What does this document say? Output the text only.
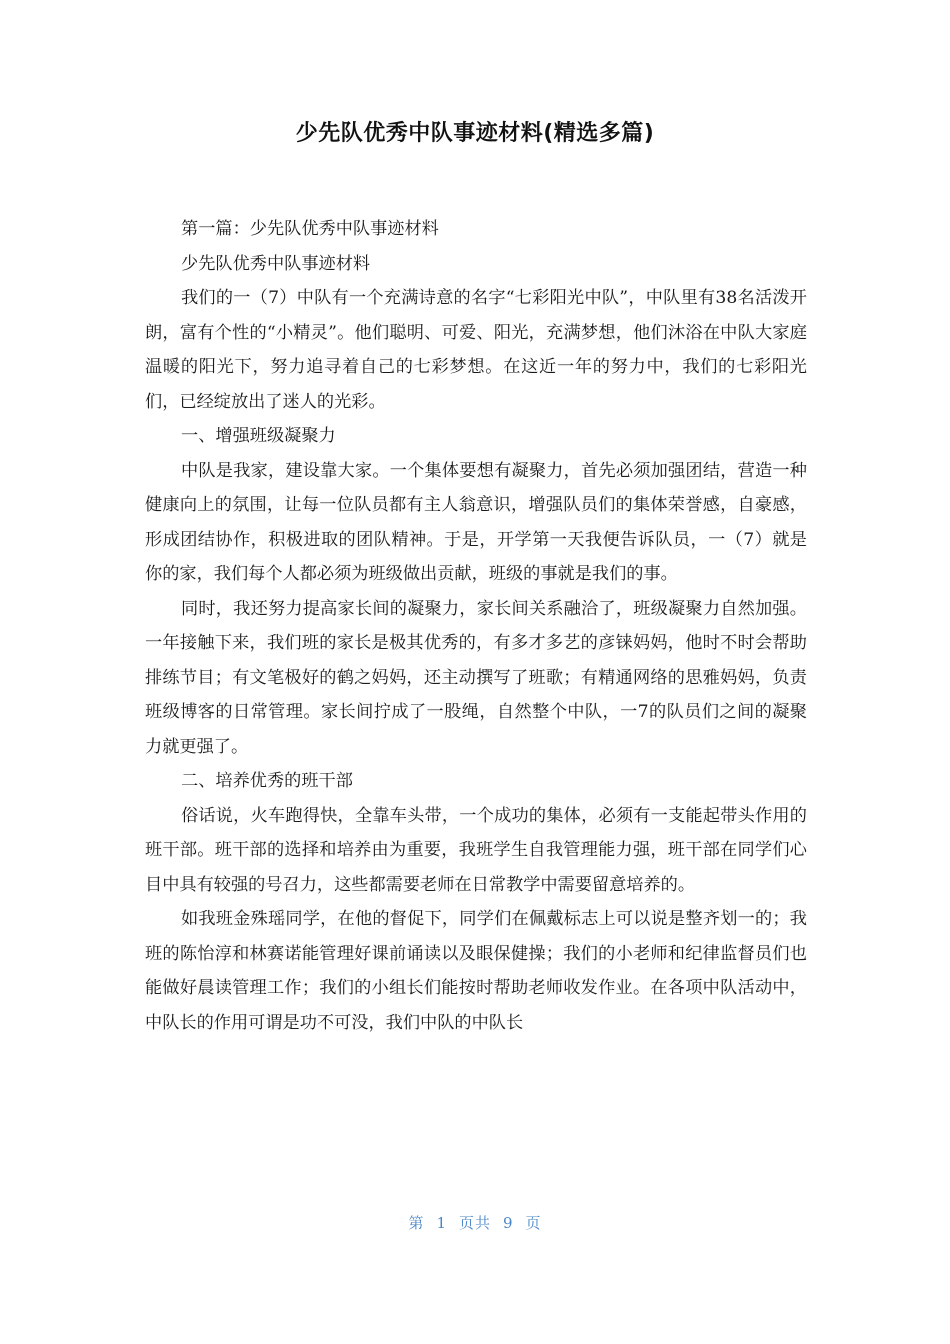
少先队优秀中队事迹材料(精选多篇)

第一篇：少先队优秀中队事迹材料

少先队优秀中队事迹材料

我们的一（7）中队有一个充满诗意的名字“七彩阳光中队”，中队里有38名活泼开朗，富有个性的“小精灵”。他们聪明、可爱、阳光，充满梦想，他们沐浴在中队大家庭温暖的阳光下，努力追寻着自己的七彩梦想。在这近一年的努力中，我们的七彩阳光们，已经绽放出了迷人的光彩。

一、增强班级凝聚力

中队是我家，建设靠大家。一个集体要想有凝聚力，首先必须加强团结，营造一种健康向上的氛围，让每一位队员都有主人翁意识，增强队员们的集体荣誉感，自豪感，形成团结协作，积极进取的团队精神。于是，开学第一天我便告诉队员，一（7）就是你的家，我们每个人都必须为班级做出贡献，班级的事就是我们的事。

同时，我还努力提高家长间的凝聚力，家长间关系融洽了，班级凝聚力自然加强。一年接触下来，我们班的家长是极其优秀的，有多才多艺的彦铼妈妈，他时不时会帮助排练节目；有文笔极好的鹤之妈妈，还主动撰写了班歌；有精通网络的思雅妈妈，负责班级博客的日常管理。家长间拧成了一股绳，自然整个中队，一7的队员们之间的凝聚力就更强了。

二、培养优秀的班干部

俗话说，火车跑得快，全靠车头带，一个成功的集体，必须有一支能起带头作用的班干部。班干部的选择和培养由为重要，我班学生自我管理能力强，班干部在同学们心目中具有较强的号召力，这些都需要老师在日常教学中需要留意培养的。

如我班金殊瑶同学，在他的督促下，同学们在佩戴标志上可以说是整齐划一的；我班的陈怡淳和林赛诺能管理好课前诵读以及眼保健操；我们的小老师和纪律监督员们也能做好晨读管理工作；我们的小组长们能按时帮助老师收发作业。在各项中队活动中，中队长的作用可谓是功不可没，我们中队的中队长

第 1 页共 9 页
